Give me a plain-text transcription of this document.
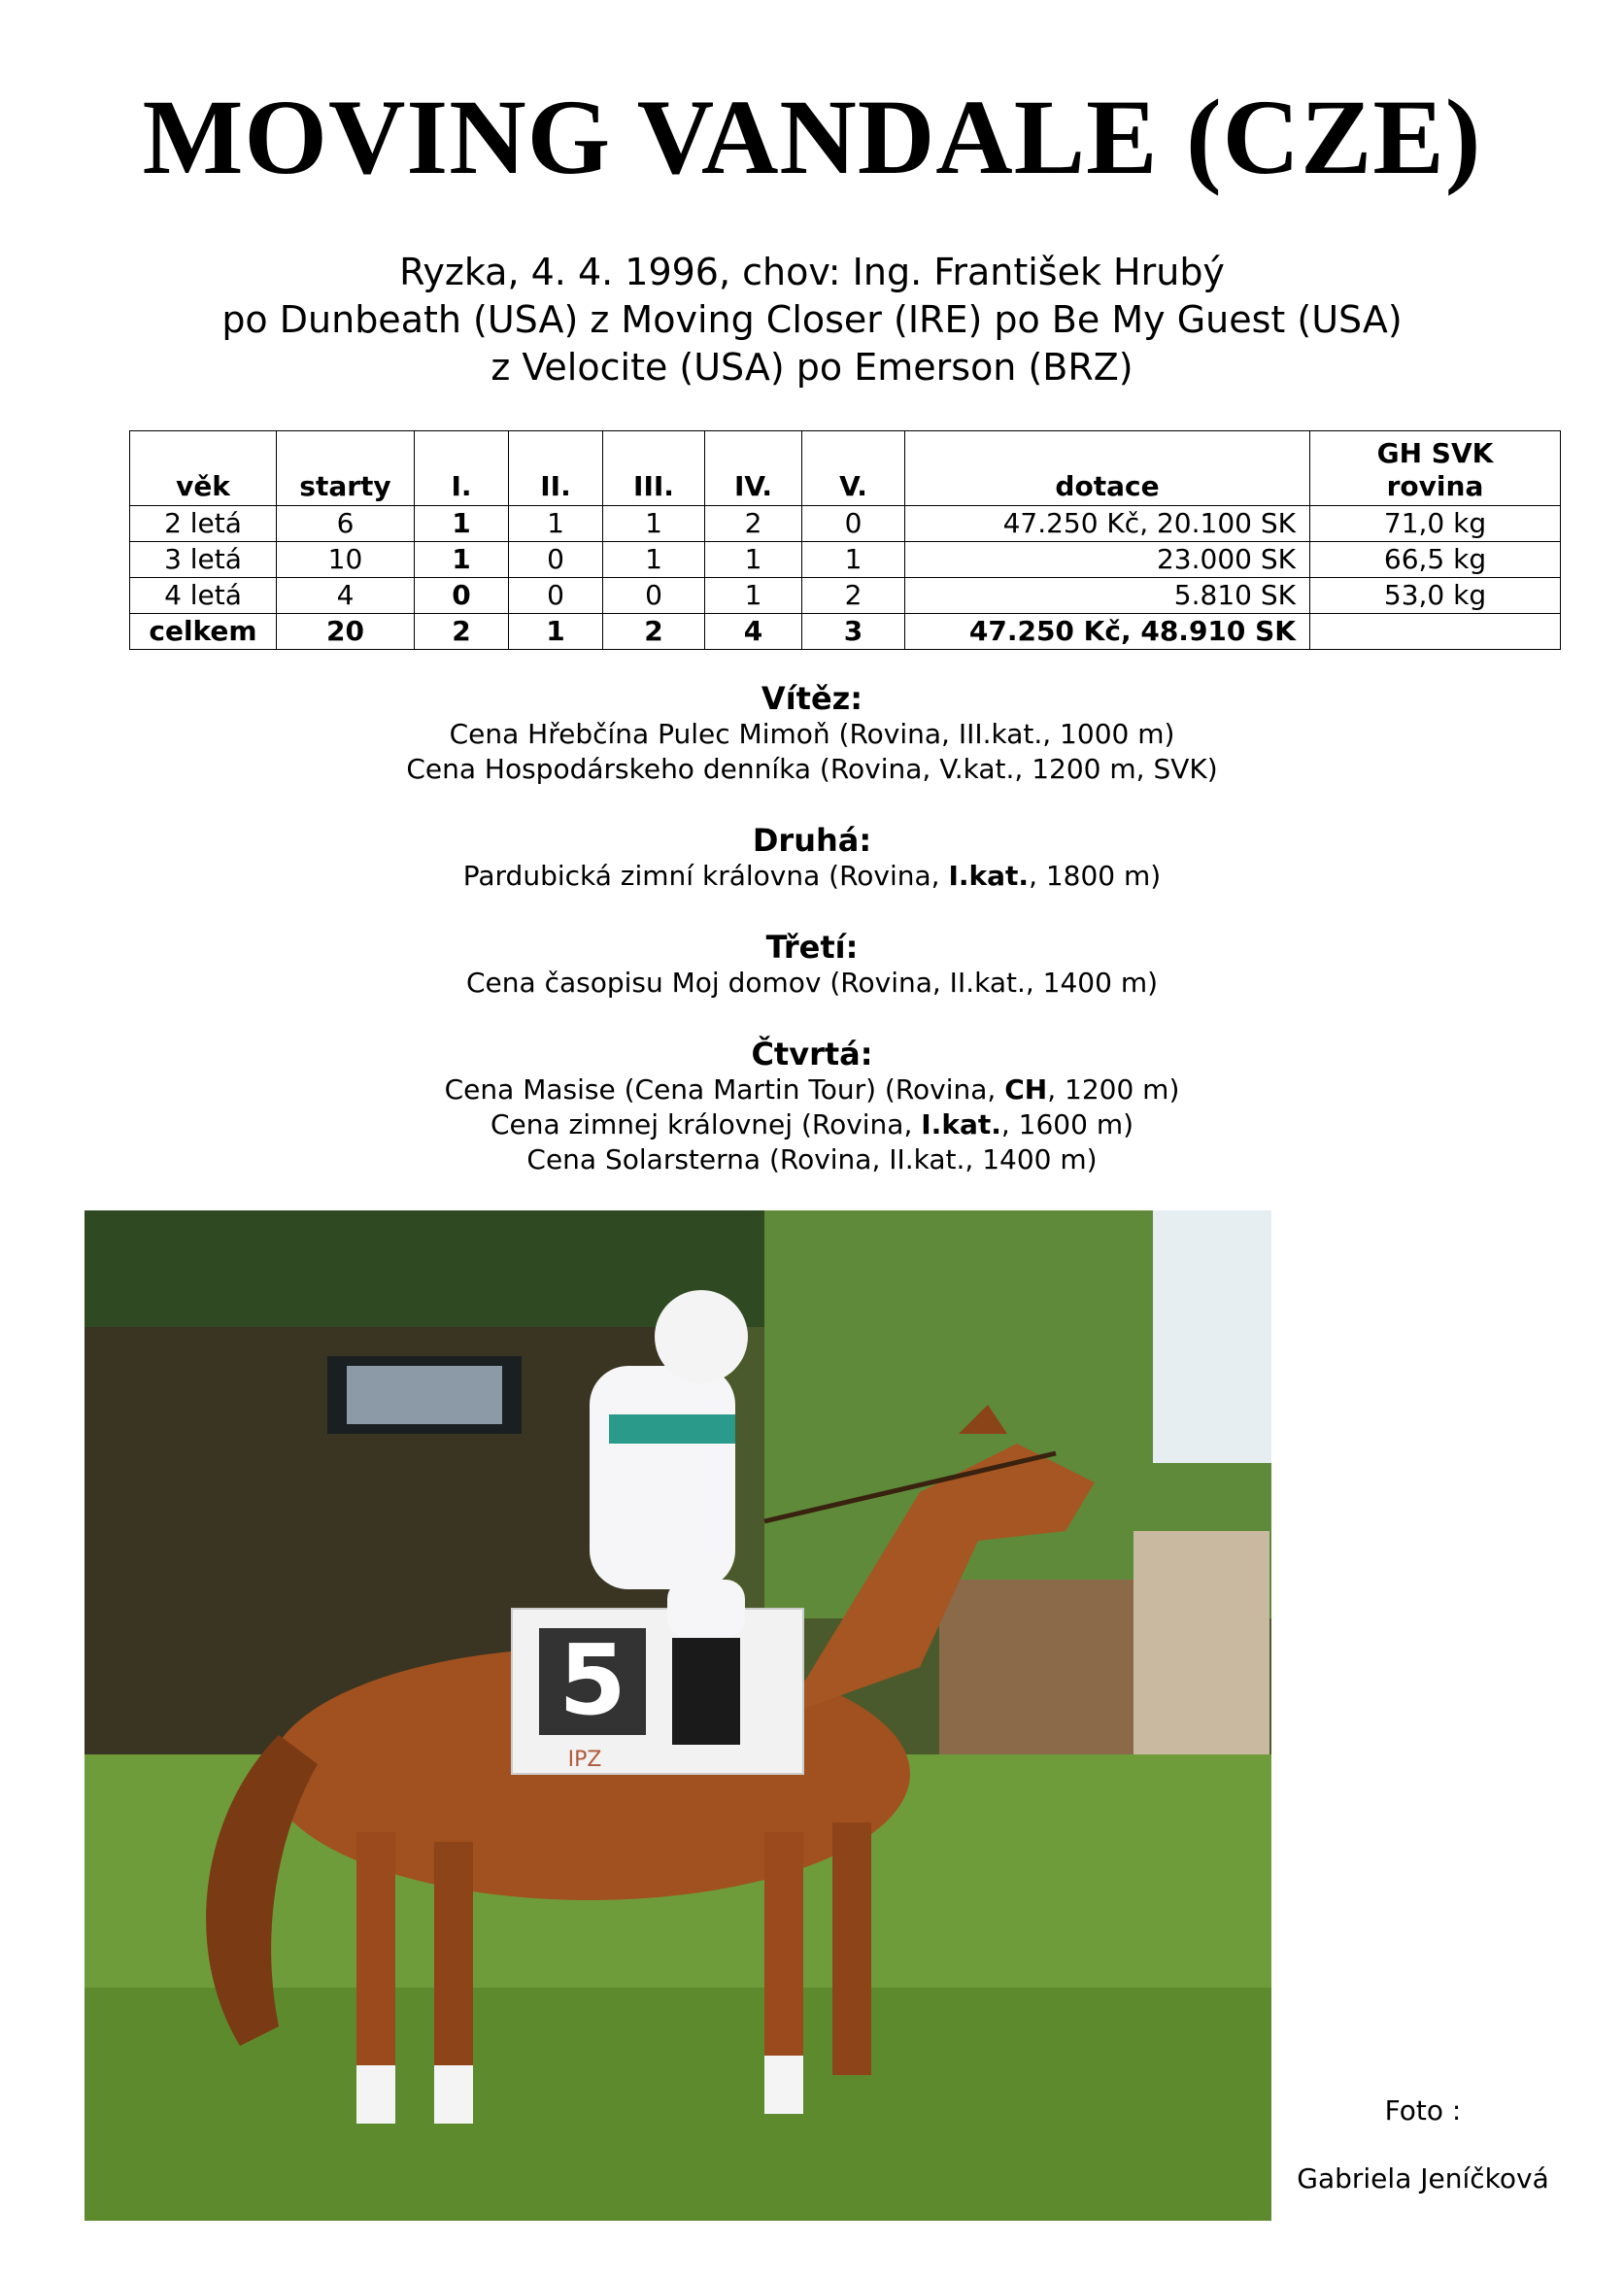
MOVING VANDALE (CZE)
Ryzka, 4. 4. 1996, chov: Ing. František Hrubý
po Dunbeath (USA) z Moving Closer (IRE) po Be My Guest (USA)
z Velocite (USA) po Emerson (BRZ)
věk	starty	I.	II.	III.	IV.	V.	dotace	GH SVK
rovina

2 letá	6	1	1	1	2	0	47.250 Kč, 20.100 SK	71,0 kg
3 letá	10	1	0	1	1	1	23.000 SK	66,5 kg
4 letá	4	0	0	0	1	2	5.810 SK	53,0 kg
celkem	20	2	1	2	4	3	47.250 Kč, 48.910 SK	
Vítěz:
Cena Hřebčína Pulec Mimoň (Rovina, III.kat., 1000 m)
Cena Hospodárskeho denníka (Rovina, V.kat., 1200 m, SVK)
Druhá:
Pardubická zimní královna (Rovina, I.kat., 1800 m)
Třetí:
Cena časopisu Moj domov (Rovina, II.kat., 1400 m)
Čtvrtá:
Cena Masise (Cena Martin Tour) (Rovina, CH, 1200 m)
Cena zimnej královnej (Rovina, I.kat., 1600 m)
Cena Solarsterna (Rovina, II.kat., 1400 m)
5
IPZ
Foto :
Gabriela Jeníčková
